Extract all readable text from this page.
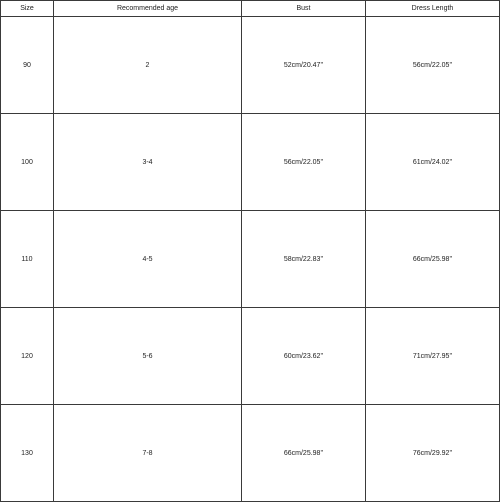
Size	Recommended age	Bust	Dress Length
90	2	52cm/20.47''	56cm/22.05''
100	3-4	56cm/22.05''	61cm/24.02''
110	4-5	58cm/22.83''	66cm/25.98''
120	5-6	60cm/23.62''	71cm/27.95''
130	7-8	66cm/25.98''	76cm/29.92''
